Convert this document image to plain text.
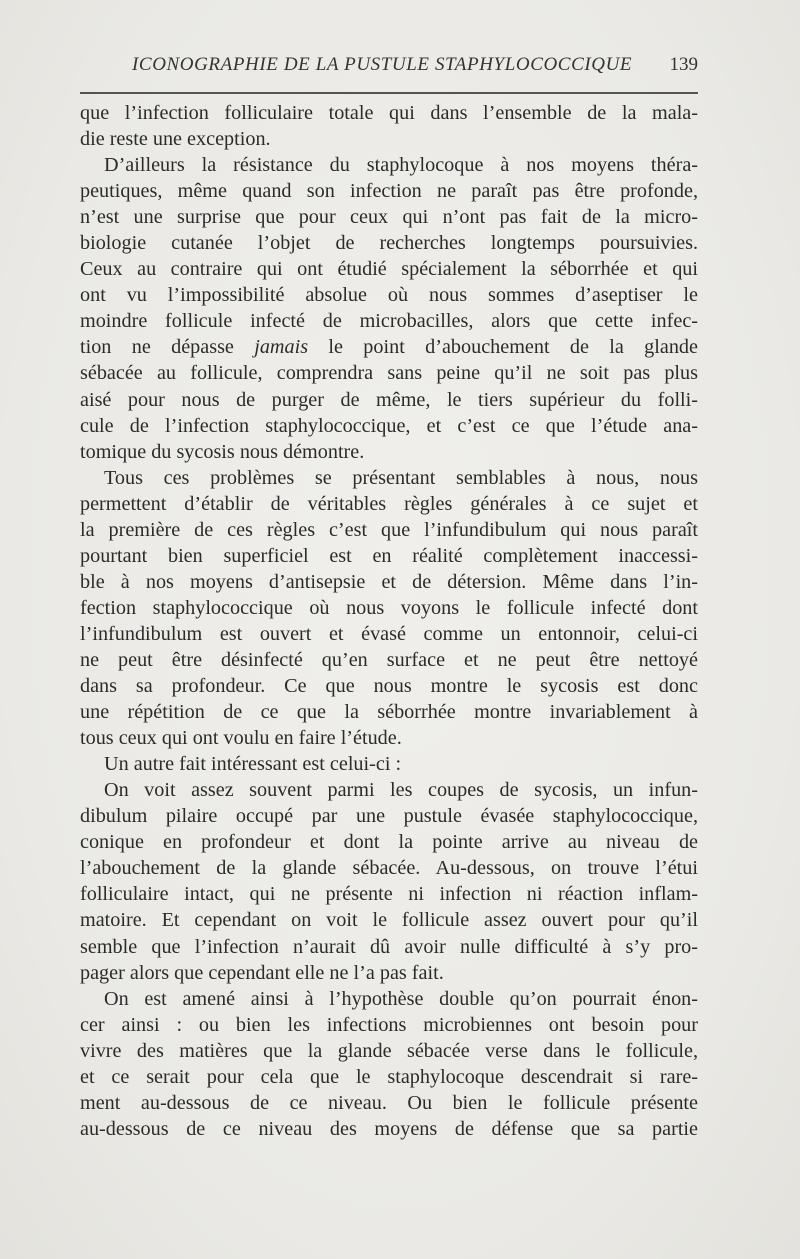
ICONOGRAPHIE DE LA PUSTULE STAPHYLOCOCCIQUE 139
que l’infection folliculaire totale qui dans l’ensemble de la mala-
die reste une exception.
D’ailleurs la résistance du staphylocoque à nos moyens théra-
peutiques, même quand son infection ne paraît pas être profonde,
n’est une surprise que pour ceux qui n’ont pas fait de la micro-
biologie cutanée l’objet de recherches longtemps poursuivies.
Ceux au contraire qui ont étudié spécialement la séborrhée et qui
ont vu l’impossibilité absolue où nous sommes d’aseptiser le
moindre follicule infecté de microbacilles, alors que cette infec-
tion ne dépasse jamais le point d’abouchement de la glande
sébacée au follicule, comprendra sans peine qu’il ne soit pas plus
aisé pour nous de purger de même, le tiers supérieur du folli-
cule de l’infection staphylococcique, et c’est ce que l’étude ana-
tomique du sycosis nous démontre.
Tous ces problèmes se présentant semblables à nous, nous
permettent d’établir de véritables règles générales à ce sujet et
la première de ces règles c’est que l’infundibulum qui nous paraît
pourtant bien superficiel est en réalité complètement inaccessi-
ble à nos moyens d’antisepsie et de détersion. Même dans l’in-
fection staphylococcique où nous voyons le follicule infecté dont
l’infundibulum est ouvert et évasé comme un entonnoir, celui-ci
ne peut être désinfecté qu’en surface et ne peut être nettoyé
dans sa profondeur. Ce que nous montre le sycosis est donc
une répétition de ce que la séborrhée montre invariablement à
tous ceux qui ont voulu en faire l’étude.
Un autre fait intéressant est celui-ci :
On voit assez souvent parmi les coupes de sycosis, un infun-
dibulum pilaire occupé par une pustule évasée staphylococcique,
conique en profondeur et dont la pointe arrive au niveau de
l’abouchement de la glande sébacée. Au-dessous, on trouve l’étui
folliculaire intact, qui ne présente ni infection ni réaction inflam-
matoire. Et cependant on voit le follicule assez ouvert pour qu’il
semble que l’infection n’aurait dû avoir nulle difficulté à s’y pro-
pager alors que cependant elle ne l’a pas fait.
On est amené ainsi à l’hypothèse double qu’on pourrait énon-
cer ainsi : ou bien les infections microbiennes ont besoin pour
vivre des matières que la glande sébacée verse dans le follicule,
et ce serait pour cela que le staphylocoque descendrait si rare-
ment au-dessous de ce niveau. Ou bien le follicule présente
au-dessous de ce niveau des moyens de défense que sa partie
